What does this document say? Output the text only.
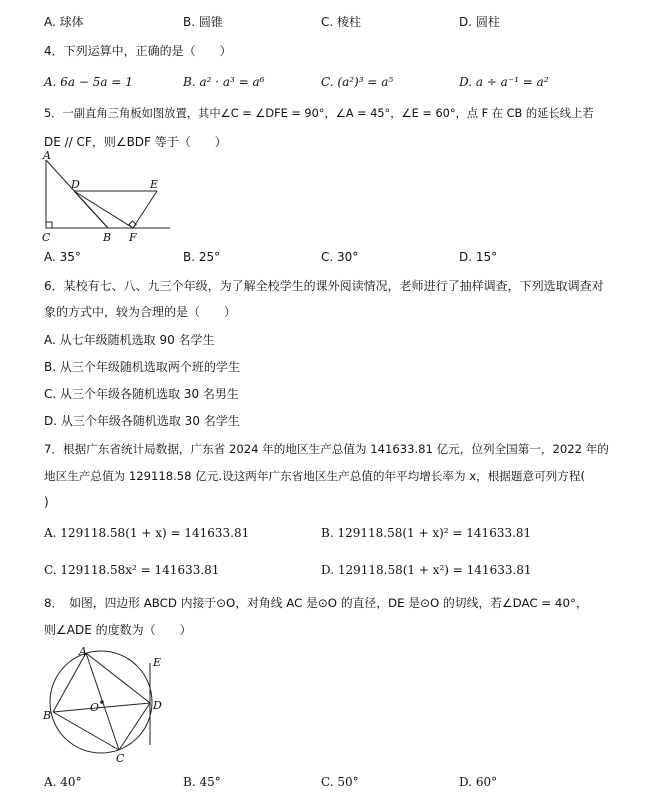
A. 球体	B. 圆锥	C. 棱柱	D. 圆柱
4．下列运算中，正确的是（　　）
A. 6a − 5a = 1	B. a² · a³ = a⁶	C. (a²)³ = a⁵	D. a ÷ a⁻¹ = a²
5．一副直角三角板如图放置，其中∠C = ∠DFE = 90°，∠A = 45°，∠E = 60°，点 F 在 CB 的延长线上若
DE // CF，则∠BDF 等于（　　）
A
D	E
C	B F
A. 35°	B. 25°	C. 30°	D. 15°
6．某校有七、八、九三个年级，为了解全校学生的课外阅读情况，老师进行了抽样调查，下列选取调查对
象的方式中，较为合理的是（　　）
A. 从七年级随机选取 90 名学生
B. 从三个年级随机选取两个班的学生
C. 从三个年级各随机选取 30 名男生
D. 从三个年级各随机选取 30 名学生
7．根据广东省统计局数据，广东省 2024 年的地区生产总值为 141633.81 亿元，位列全国第一，2022 年的
地区生产总值为 129118.58 亿元.设这两年广东省地区生产总值的年平均增长率为 x，根据题意可列方程(
)
A. 129118.58(1 + x) = 141633.81	B. 129118.58(1 + x)² = 141633.81
C. 129118.58x² = 141633.81	D. 129118.58(1 + x²) = 141633.81
8．　如图，四边形 ABCD 内接于⊙O，对角线 AC 是⊙O 的直径，DE 是⊙O 的切线，若∠DAC = 40°，
则∠ADE 的度数为（　　）
A
E
B
D
O
C
A. 40°	B. 45°	C. 50°	D. 60°
